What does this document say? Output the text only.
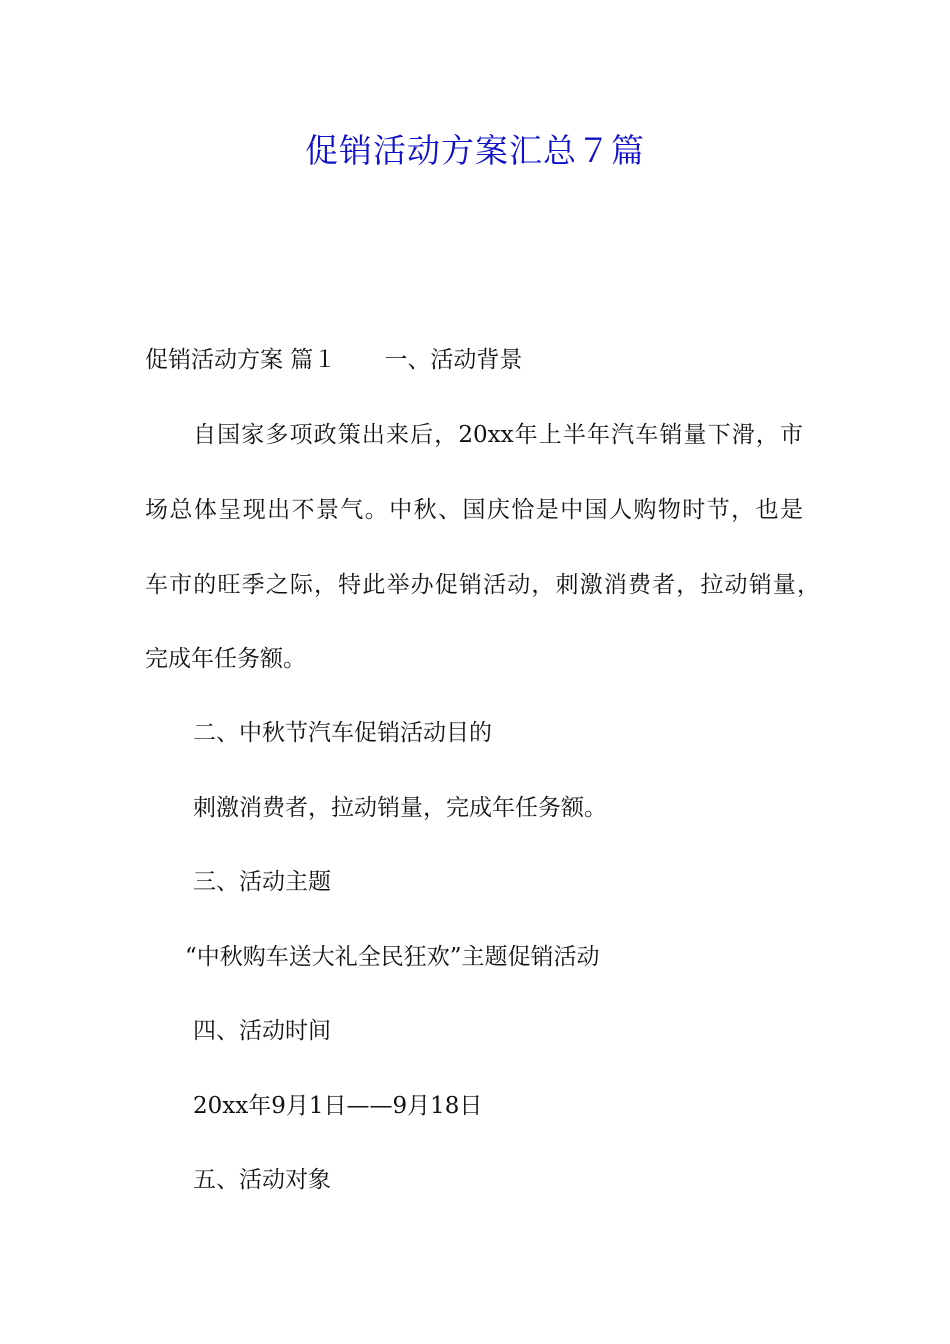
促销活动方案汇总７篇
促销活动方案 篇１ 一、活动背景
自国家多项政策出来后，20xx年上半年汽车销量下滑，市
场总体呈现出不景气。中秋、国庆恰是中国人购物时节，也是
车市的旺季之际，特此举办促销活动，刺激消费者，拉动销量，
完成年任务额。
二、中秋节汽车促销活动目的
刺激消费者，拉动销量，完成年任务额。
三、活动主题
“中秋购车送大礼全民狂欢”主题促销活动
四、活动时间
20xx年9月1日——9月18日
五、活动对象
